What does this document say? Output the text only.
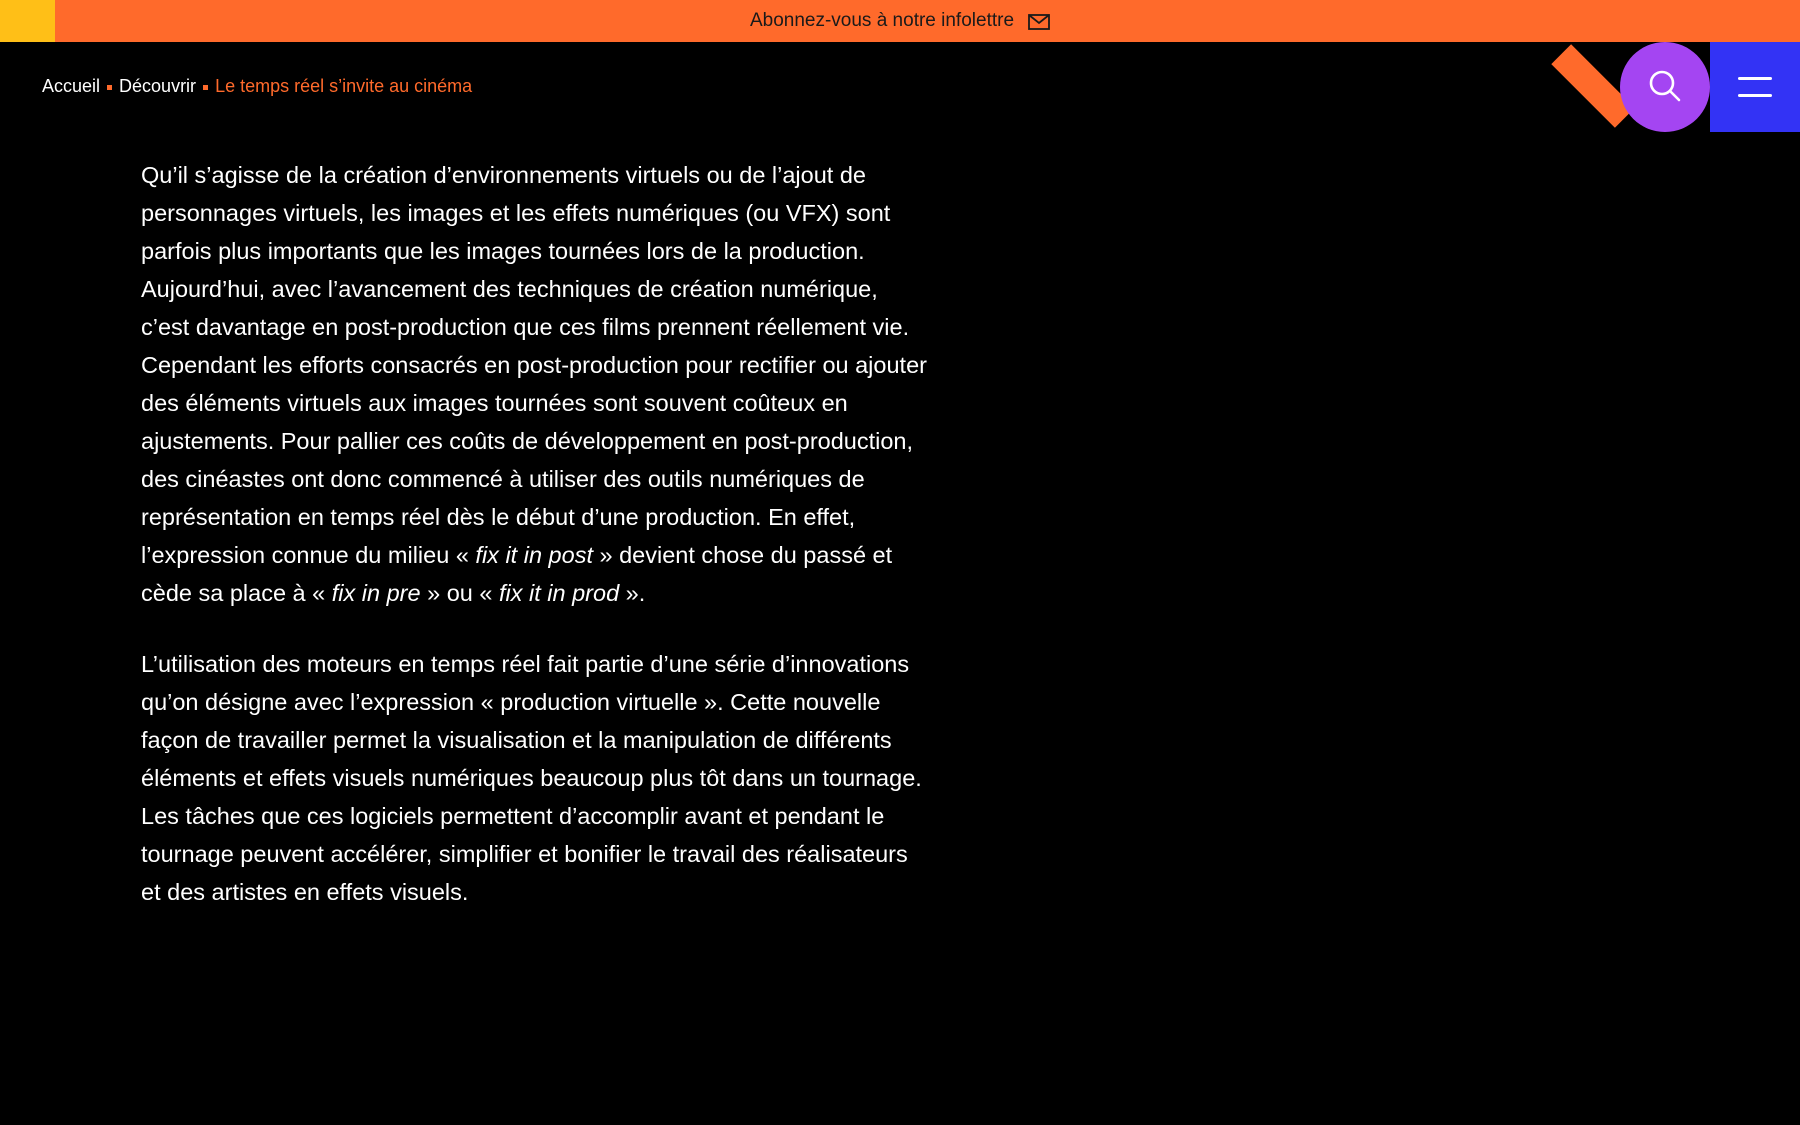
Abonnez-vous à notre infolettre
Accueil Découvrir Le temps réel s’invite au cinéma

Qu’il s’agisse de la création d’environnements virtuels ou de l’ajout de personnages virtuels, les images et les effets numériques (ou VFX) sont parfois plus importants que les images tournées lors de la production. Aujourd’hui, avec l’avancement des techniques de création numérique, c’est davantage en post-production que ces films prennent réellement vie. Cependant les efforts consacrés en post-production pour rectifier ou ajouter des éléments virtuels aux images tournées sont souvent coûteux en ajustements. Pour pallier ces coûts de développement en post-production, des cinéastes ont donc commencé à utiliser des outils numériques de représentation en temps réel dès le début d’une production. En effet, l’expression connue du milieu « fix it in post » devient chose du passé et cède sa place à « fix in pre » ou « fix it in prod ».

L’utilisation des moteurs en temps réel fait partie d’une série d’innovations qu’on désigne avec l’expression « production virtuelle ». Cette nouvelle façon de travailler permet la visualisation et la manipulation de différents éléments et effets visuels numériques beaucoup plus tôt dans un tournage. Les tâches que ces logiciels permettent d’accomplir avant et pendant le tournage peuvent accélérer, simplifier et bonifier le travail des réalisateurs et des artistes en effets visuels.
